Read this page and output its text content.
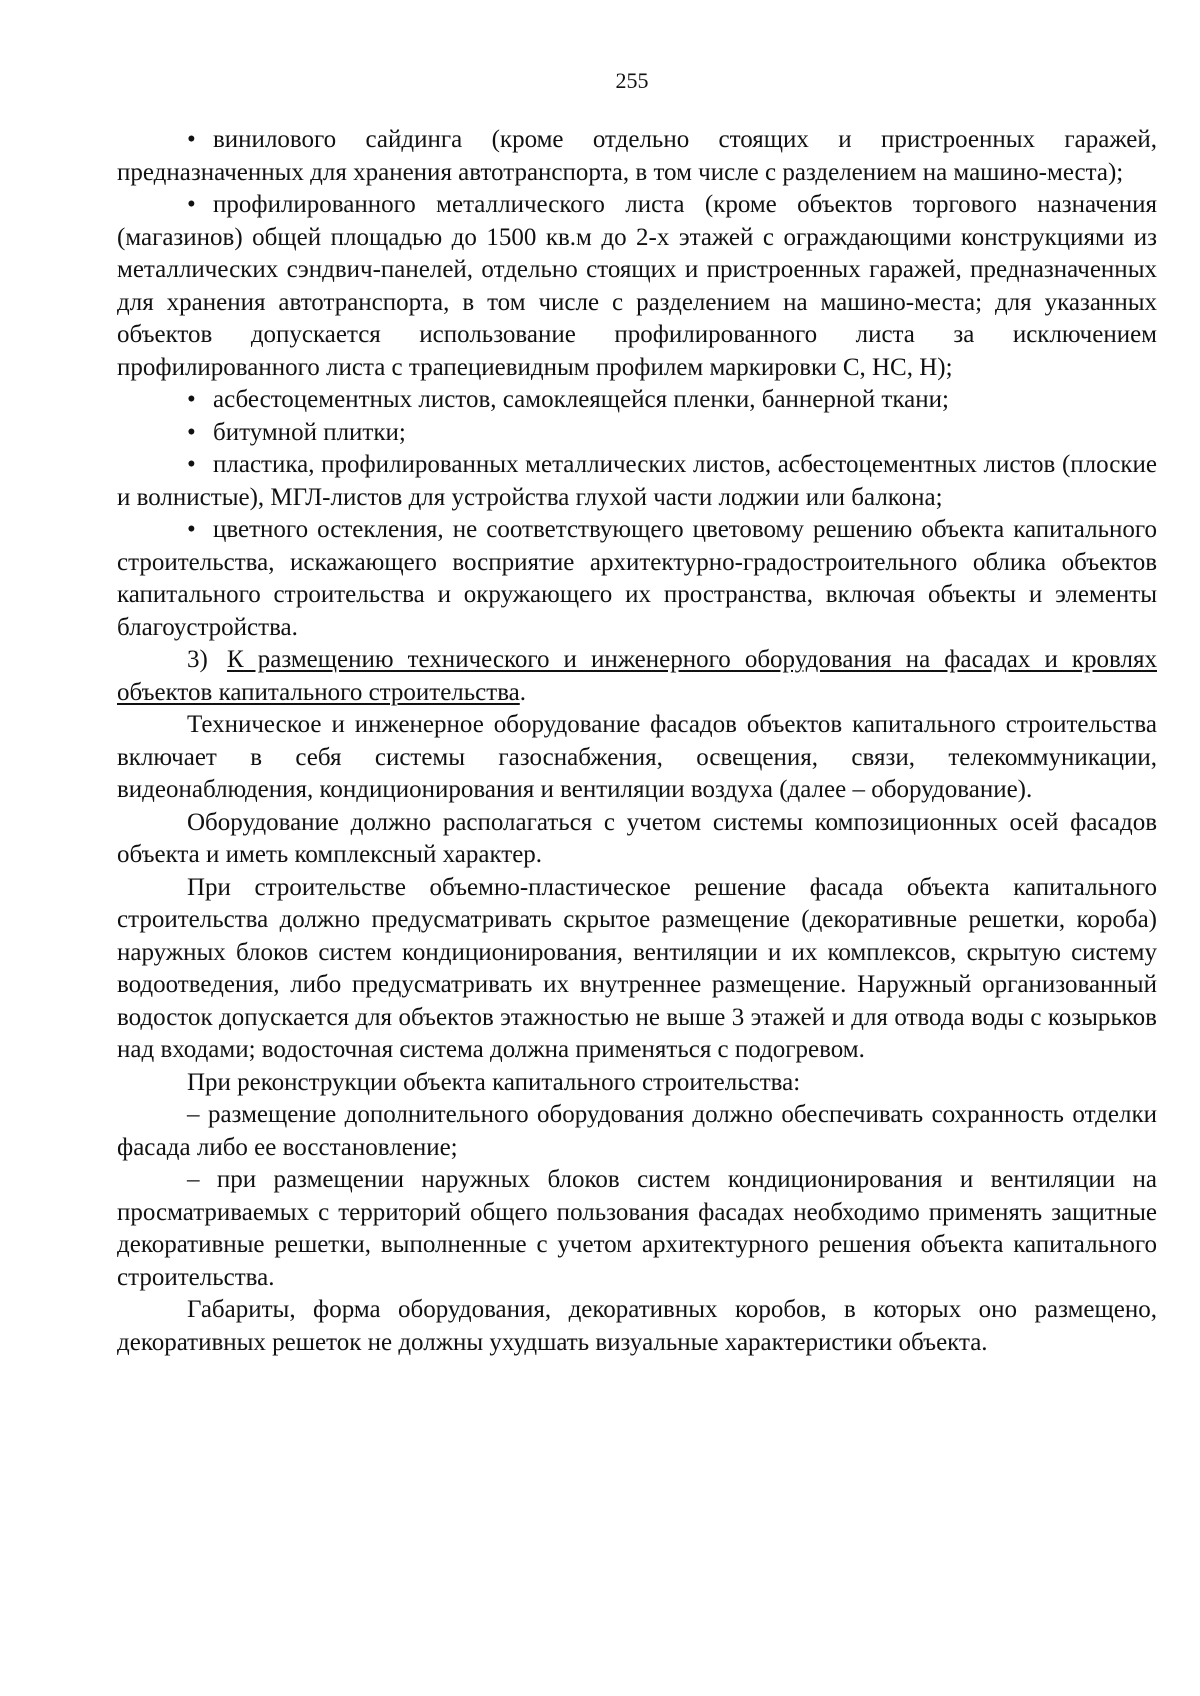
255

• винилового сайдинга (кроме отдельно стоящих и пристроенных гаражей, предназначенных для хранения автотранспорта, в том числе с разделением на машино-места);

• профилированного металлического листа (кроме объектов торгового назначения (магазинов) общей площадью до 1500 кв.м до 2-х этажей с ограждающими конструкциями из металлических сэндвич-панелей, отдельно стоящих и пристроенных гаражей, предназначенных для хранения автотранспорта, в том числе с разделением на машино-места; для указанных объектов допускается использование профилированного листа за исключением профилированного листа с трапециевидным профилем маркировки С, НС, Н);

• асбестоцементных листов, самоклеящейся пленки, баннерной ткани;

• битумной плитки;

• пластика, профилированных металлических листов, асбестоцементных листов (плоские и волнистые), МГЛ-листов для устройства глухой части лоджии или балкона;

• цветного остекления, не соответствующего цветовому решению объекта капитального строительства, искажающего восприятие архитектурно-градостроительного облика объектов капитального строительства и окружающего их пространства, включая объекты и элементы благоустройства.

3) К размещению технического и инженерного оборудования на фасадах и кровлях объектов капитального строительства.

Техническое и инженерное оборудование фасадов объектов капитального строительства включает в себя системы газоснабжения, освещения, связи, телекоммуникации, видеонаблюдения, кондиционирования и вентиляции воздуха (далее – оборудование).

Оборудование должно располагаться с учетом системы композиционных осей фасадов объекта и иметь комплексный характер.

При строительстве объемно-пластическое решение фасада объекта капитального строительства должно предусматривать скрытое размещение (декоративные решетки, короба) наружных блоков систем кондиционирования, вентиляции и их комплексов, скрытую систему водоотведения, либо предусматривать их внутреннее размещение. Наружный организованный водосток допускается для объектов этажностью не выше 3 этажей и для отвода воды с козырьков над входами; водосточная система должна применяться с подогревом.

При реконструкции объекта капитального строительства:

– размещение дополнительного оборудования должно обеспечивать сохранность отделки фасада либо ее восстановление;

– при размещении наружных блоков систем кондиционирования и вентиляции на просматриваемых с территорий общего пользования фасадах необходимо применять защитные декоративные решетки, выполненные с учетом архитектурного решения объекта капитального строительства.

Габариты, форма оборудования, декоративных коробов, в которых оно размещено, декоративных решеток не должны ухудшать визуальные характеристики объекта.
